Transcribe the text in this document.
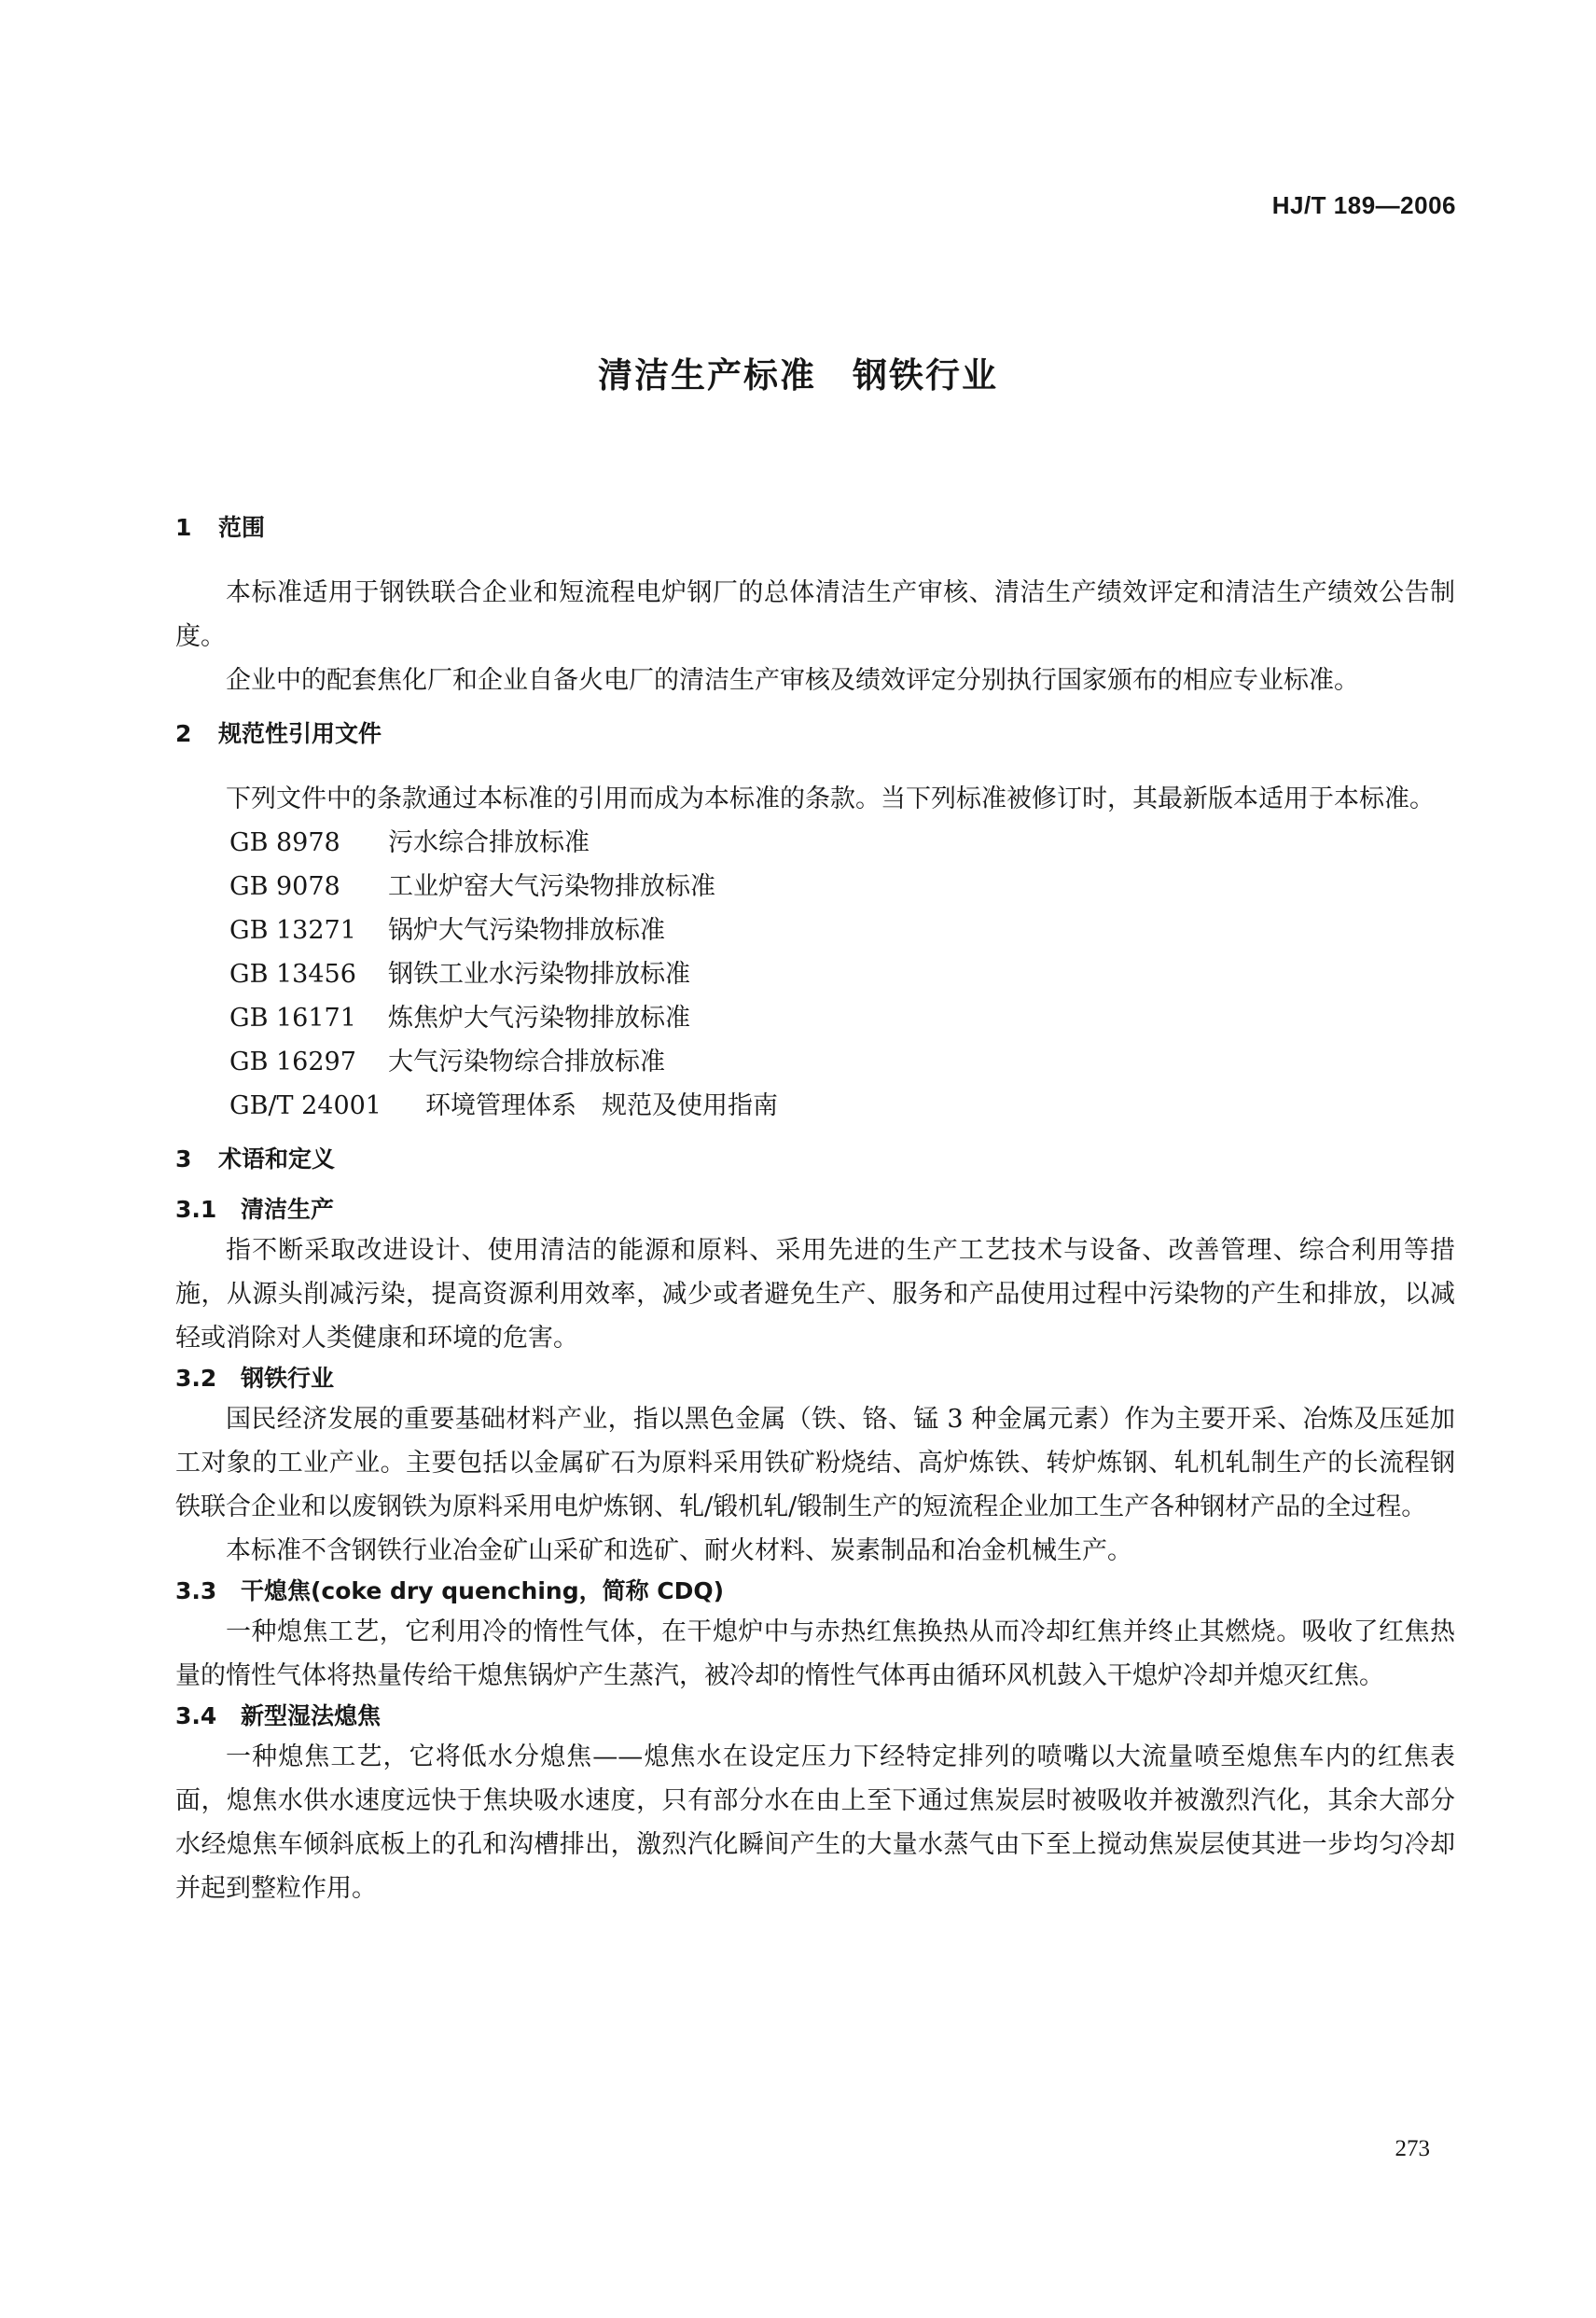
HJ/T 189—2006
清洁生产标准　钢铁行业
1 范围

本标准适用于钢铁联合企业和短流程电炉钢厂的总体清洁生产审核、清洁生产绩效评定和清洁生产绩效公告制度。

企业中的配套焦化厂和企业自备火电厂的清洁生产审核及绩效评定分别执行国家颁布的相应专业标准。

2 规范性引用文件

下列文件中的条款通过本标准的引用而成为本标准的条款。当下列标准被修订时，其最新版本适用于本标准。

GB 8978 污水综合排放标准

GB 9078 工业炉窑大气污染物排放标准

GB 13271 锅炉大气污染物排放标准

GB 13456 钢铁工业水污染物排放标准

GB 16171 炼焦炉大气污染物排放标准

GB 16297 大气污染物综合排放标准

GB/T 24001 环境管理体系　规范及使用指南

3 术语和定义
3.1 清洁生产

指不断采取改进设计、使用清洁的能源和原料、采用先进的生产工艺技术与设备、改善管理、综合利用等措施，从源头削减污染，提高资源利用效率，减少或者避免生产、服务和产品使用过程中污染物的产生和排放，以减轻或消除对人类健康和环境的危害。

3.2 钢铁行业

国民经济发展的重要基础材料产业，指以黑色金属（铁、铬、锰 3 种金属元素）作为主要开采、冶炼及压延加工对象的工业产业。主要包括以金属矿石为原料采用铁矿粉烧结、高炉炼铁、转炉炼钢、轧机轧制生产的长流程钢铁联合企业和以废钢铁为原料采用电炉炼钢、轧/锻机轧/锻制生产的短流程企业加工生产各种钢材产品的全过程。

本标准不含钢铁行业冶金矿山采矿和选矿、耐火材料、炭素制品和冶金机械生产。

3.3 干熄焦(coke dry quenching，简称 CDQ)

一种熄焦工艺，它利用冷的惰性气体，在干熄炉中与赤热红焦换热从而冷却红焦并终止其燃烧。吸收了红焦热量的惰性气体将热量传给干熄焦锅炉产生蒸汽，被冷却的惰性气体再由循环风机鼓入干熄炉冷却并熄灭红焦。

3.4 新型湿法熄焦

一种熄焦工艺，它将低水分熄焦——熄焦水在设定压力下经特定排列的喷嘴以大流量喷至熄焦车内的红焦表面，熄焦水供水速度远快于焦块吸水速度，只有部分水在由上至下通过焦炭层时被吸收并被激烈汽化，其余大部分水经熄焦车倾斜底板上的孔和沟槽排出，激烈汽化瞬间产生的大量水蒸气由下至上搅动焦炭层使其进一步均匀冷却并起到整粒作用。

273
